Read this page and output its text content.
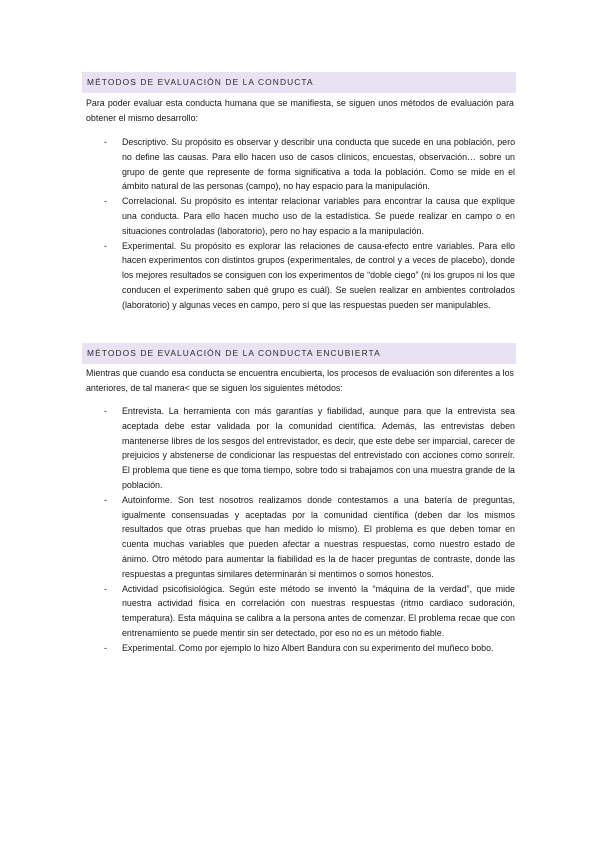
MÉTODOS DE EVALUACIÓN DE LA CONDUCTA

Para poder evaluar esta conducta humana que se manifiesta, se siguen unos métodos de evaluación para obtener el mismo desarrollo:

- Descriptivo. Su propósito es observar y describir una conducta que sucede en una población, pero no define las causas. Para ello hacen uso de casos clínicos, encuestas, observación… sobre un grupo de gente que represente de forma significativa a toda la población. Como se mide en el ámbito natural de las personas (campo), no hay espacio para la manipulación.
- Correlacional. Su propósito es intentar relacionar variables para encontrar la causa que explique una conducta. Para ello hacen mucho uso de la estadística. Se puede realizar en campo o en situaciones controladas (laboratorio), pero no hay espacio a la manipulación.
- Experimental. Su propósito es explorar las relaciones de causa-efecto entre variables. Para ello hacen experimentos con distintos grupos (experimentales, de control y a veces de placebo), donde los mejores resultados se consiguen con los experimentos de “doble ciego” (ni los grupos ni los que conducen el experimento saben qué grupo es cuál). Se suelen realizar en ambientes controlados (laboratorio) y algunas veces en campo, pero sí que las respuestas pueden ser manipulables.
MÉTODOS DE EVALUACIÓN DE LA CONDUCTA ENCUBIERTA

Mientras que cuando esa conducta se encuentra encubierta, los procesos de evaluación son diferentes a los anteriores, de tal manera< que se siguen los siguientes métodos:

- Entrevista. La herramienta con más garantías y fiabilidad, aunque para que la entrevista sea aceptada debe estar validada por la comunidad científica. Además, las entrevistas deben mantenerse libres de los sesgos del entrevistador, es decir, que este debe ser imparcial, carecer de prejuicios y abstenerse de condicionar las respuestas del entrevistado con acciones como sonreír. El problema que tiene es que toma tiempo, sobre todo si trabajamos con una muestra grande de la población.
- Autoinforme. Son test nosotros realizamos donde contestamos a una batería de preguntas, igualmente consensuadas y aceptadas por la comunidad científica (deben dar los mismos resultados que otras pruebas que han medido lo mismo). El problema es que deben tomar en cuenta muchas variables que pueden afectar a nuestras respuestas, como nuestro estado de ánimo. Otro método para aumentar la fiabilidad es la de hacer preguntas de contraste, donde las respuestas a preguntas similares determinarán si mentimos o somos honestos.
- Actividad psicofisiológica. Según este método se inventó la “máquina de la verdad”, que mide nuestra actividad física en correlación con nuestras respuestas (ritmo cardiaco sudoración, temperatura). Esta máquina se calibra a la persona antes de comenzar. El problema recae que con entrenamiento se puede mentir sin ser detectado, por eso no es un método fiable.
- Experimental. Como por ejemplo lo hizo Albert Bandura con su experimento del muñeco bobo.
